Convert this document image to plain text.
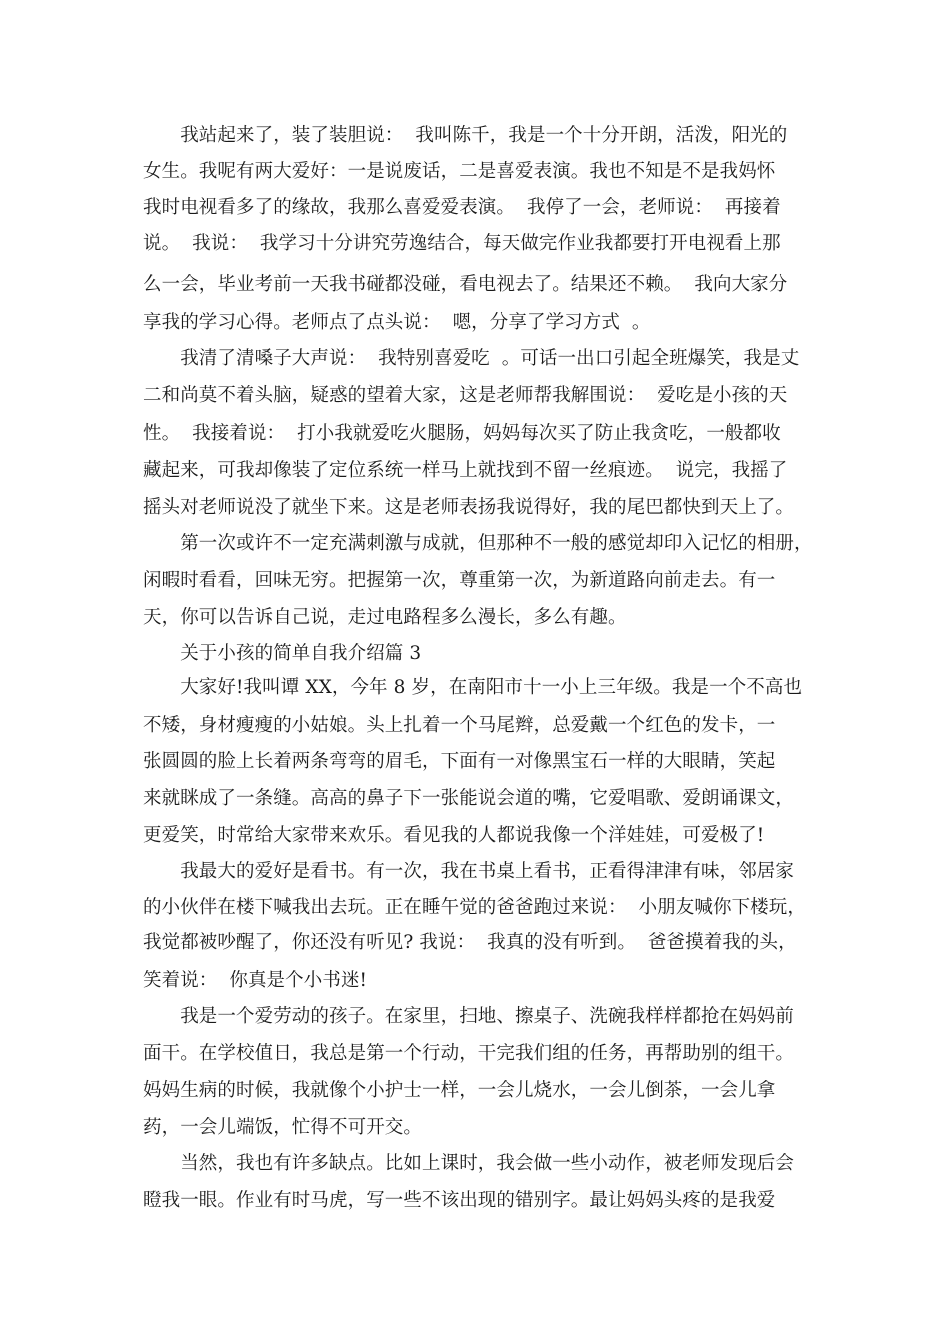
　　我站起来了，装了装胆说：  我叫陈千，我是一个十分开朗，活泼，阳光的
女生。我呢有两大爱好：一是说废话，二是喜爱表演。我也不知是不是我妈怀
我时电视看多了的缘故，我那么喜爱爱表演。  我停了一会，老师说：  再接着
说。  我说：  我学习十分讲究劳逸结合，每天做完作业我都要打开电视看上那
么一会，毕业考前一天我书碰都没碰，看电视去了。结果还不赖。  我向大家分
享我的学习心得。老师点了点头说：  嗯，分享了学习方式  。
　　我清了清嗓子大声说：  我特别喜爱吃  。可话一出口引起全班爆笑，我是丈
二和尚莫不着头脑，疑惑的望着大家，这是老师帮我解围说：  爱吃是小孩的天
性。  我接着说：  打小我就爱吃火腿肠，妈妈每次买了防止我贪吃，一般都收
藏起来，可我却像装了定位系统一样马上就找到不留一丝痕迹。  说完，我摇了
摇头对老师说没了就坐下来。这是老师表扬我说得好，我的尾巴都快到天上了。
　　第一次或许不一定充满刺激与成就，但那种不一般的感觉却印入记忆的相册，
闲暇时看看，回味无穷。把握第一次，尊重第一次，为新道路向前走去。有一
天，你可以告诉自己说，走过电路程多么漫长，多么有趣。
　　关于小孩的简单自我介绍篇 3
　　大家好!我叫谭 XX，今年 8 岁，在南阳市十一小上三年级。我是一个不高也
不矮，身材瘦瘦的小姑娘。头上扎着一个马尾辫，总爱戴一个红色的发卡，一
张圆圆的脸上长着两条弯弯的眉毛，下面有一对像黑宝石一样的大眼睛，笑起
来就眯成了一条缝。高高的鼻子下一张能说会道的嘴，它爱唱歌、爱朗诵课文，
更爱笑，时常给大家带来欢乐。看见我的人都说我像一个洋娃娃，可爱极了!
　　我最大的爱好是看书。有一次，我在书桌上看书，正看得津津有味，邻居家
的小伙伴在楼下喊我出去玩。正在睡午觉的爸爸跑过来说：  小朋友喊你下楼玩，
我觉都被吵醒了，你还没有听见? 我说：  我真的没有听到。  爸爸摸着我的头，
笑着说：  你真是个小书迷!
　　我是一个爱劳动的孩子。在家里，扫地、擦桌子、洗碗我样样都抢在妈妈前
面干。在学校值日，我总是第一个行动，干完我们组的任务，再帮助别的组干。
妈妈生病的时候，我就像个小护士一样，一会儿烧水，一会儿倒茶，一会儿拿
药，一会儿端饭，忙得不可开交。
　　当然，我也有许多缺点。比如上课时，我会做一些小动作，被老师发现后会
瞪我一眼。作业有时马虎，写一些不该出现的错别字。最让妈妈头疼的是我爱
